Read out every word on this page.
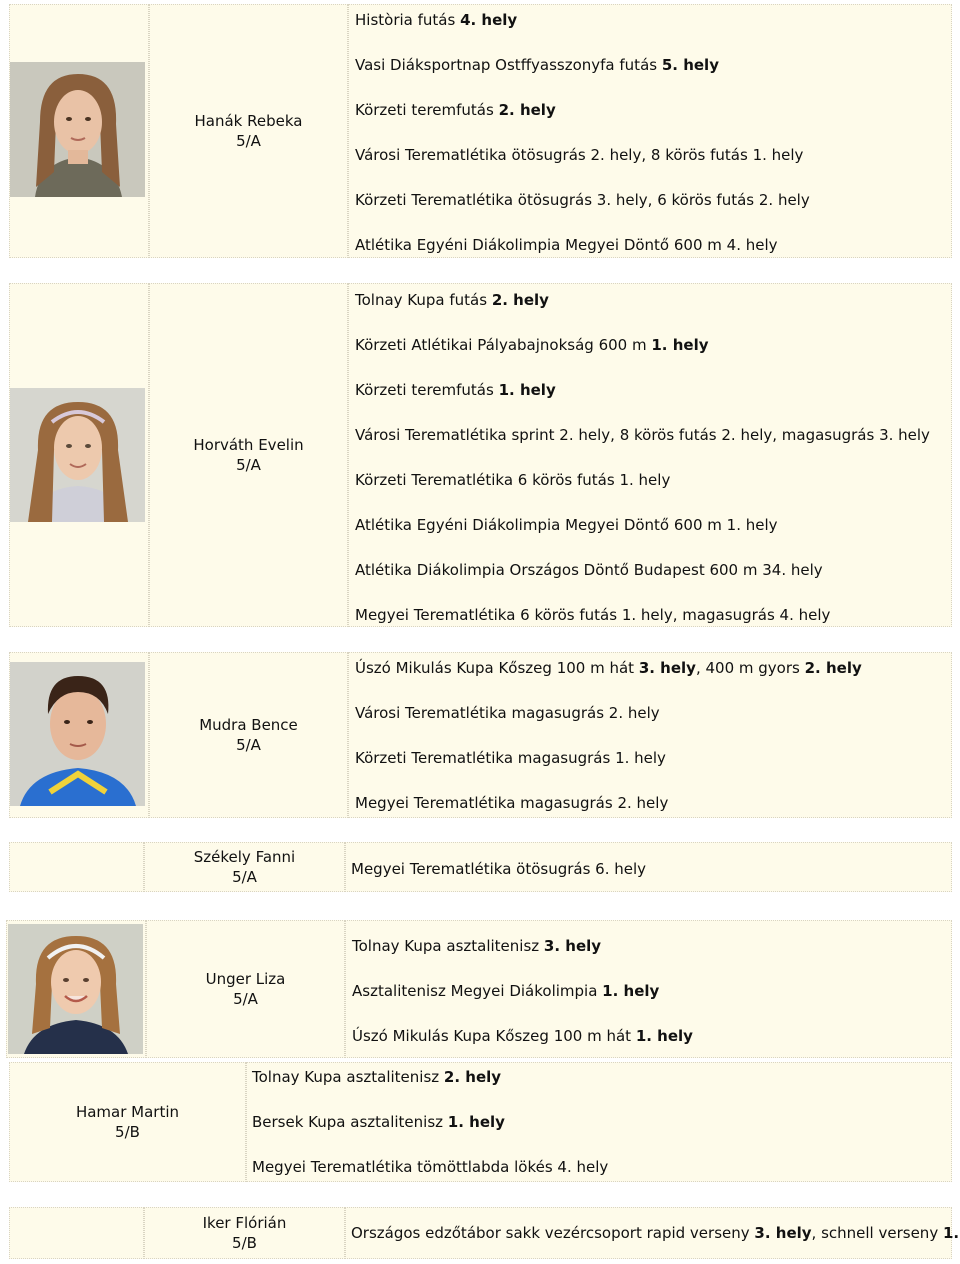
Hanák Rebeka
5/A
Història futás 4. hely
Vasi Diáksportnap Ostffyasszonyfa futás 5. hely
Körzeti teremfutás 2. hely
Városi Terematlétika ötösugrás 2. hely, 8 körös futás 1. hely
Körzeti Terematlétika ötösugrás 3. hely, 6 körös futás 2. hely
Atlétika Egyéni Diákolimpia Megyei Döntő 600 m 4. hely
Horváth Evelin
5/A
Tolnay Kupa futás 2. hely
Körzeti Atlétikai Pályabajnokság 600 m 1. hely
Körzeti teremfutás 1. hely
Városi Terematlétika sprint 2. hely, 8 körös futás 2. hely, magasugrás 3. hely
Körzeti Terematlétika 6 körös futás 1. hely
Atlétika Egyéni Diákolimpia Megyei Döntő 600 m 1. hely
Atlétika Diákolimpia Országos Döntő Budapest 600 m 34. hely
Megyei Terematlétika 6 körös futás 1. hely, magasugrás 4. hely
Mudra Bence
5/A
Úszó Mikulás Kupa Kőszeg 100 m hát 3. hely, 400 m gyors 2. hely
Városi Terematlétika magasugrás 2. hely
Körzeti Terematlétika magasugrás 1. hely
Megyei Terematlétika magasugrás 2. hely
Székely Fanni
5/A	Megyei Terematlétika ötösugrás 6. hely
Unger Liza
5/A
Tolnay Kupa asztalitenisz 3. hely
Asztalitenisz Megyei Diákolimpia 1. hely
Úszó Mikulás Kupa Kőszeg 100 m hát 1. hely
Hamar Martin
5/B
Tolnay Kupa asztalitenisz 2. hely
Bersek Kupa asztalitenisz 1. hely
Megyei Terematlétika tömöttlabda lökés 4. hely
Iker Flórián
5/B
Országos edzőtábor sakk vezércsoport rapid verseny 3. hely, schnell verseny 1.
